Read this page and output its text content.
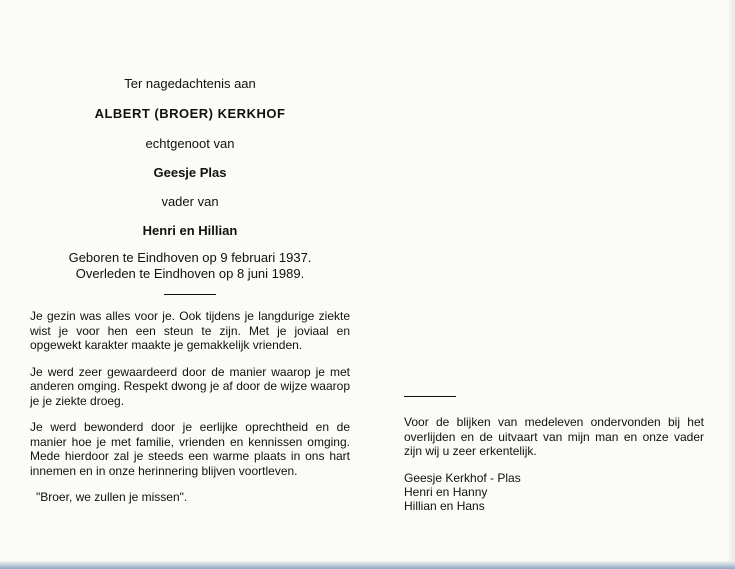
Ter nagedachtenis aan

ALBERT (BROER) KERKHOF

echtgenoot van

Geesje Plas

vader van

Henri en Hillian

Geboren te Eindhoven op 9 februari 1937.

Overleden te Eindhoven op 8 juni 1989.

Je gezin was alles voor je. Ook tijdens je langdurige ziekte wist je voor hen een steun te zijn. Met je joviaal en opgewekt karakter maakte je gemakkelijk vrienden.

Je werd zeer gewaardeerd door de manier waarop je met anderen omging. Respekt dwong je af door de wijze waarop je je ziekte droeg.

Je werd bewonderd door je eerlijke oprechtheid en de manier hoe je met familie, vrienden en kennissen omging. Mede hierdoor zal je steeds een warme plaats in ons hart innemen en in onze herinnering blijven voortleven.

"Broer, we zullen je missen".

Voor de blijken van medeleven ondervonden bij het overlijden en de uitvaart van mijn man en onze vader zijn wij u zeer erkentelijk.

Geesje Kerkhof - Plas

Henri en Hanny

Hillian en Hans
